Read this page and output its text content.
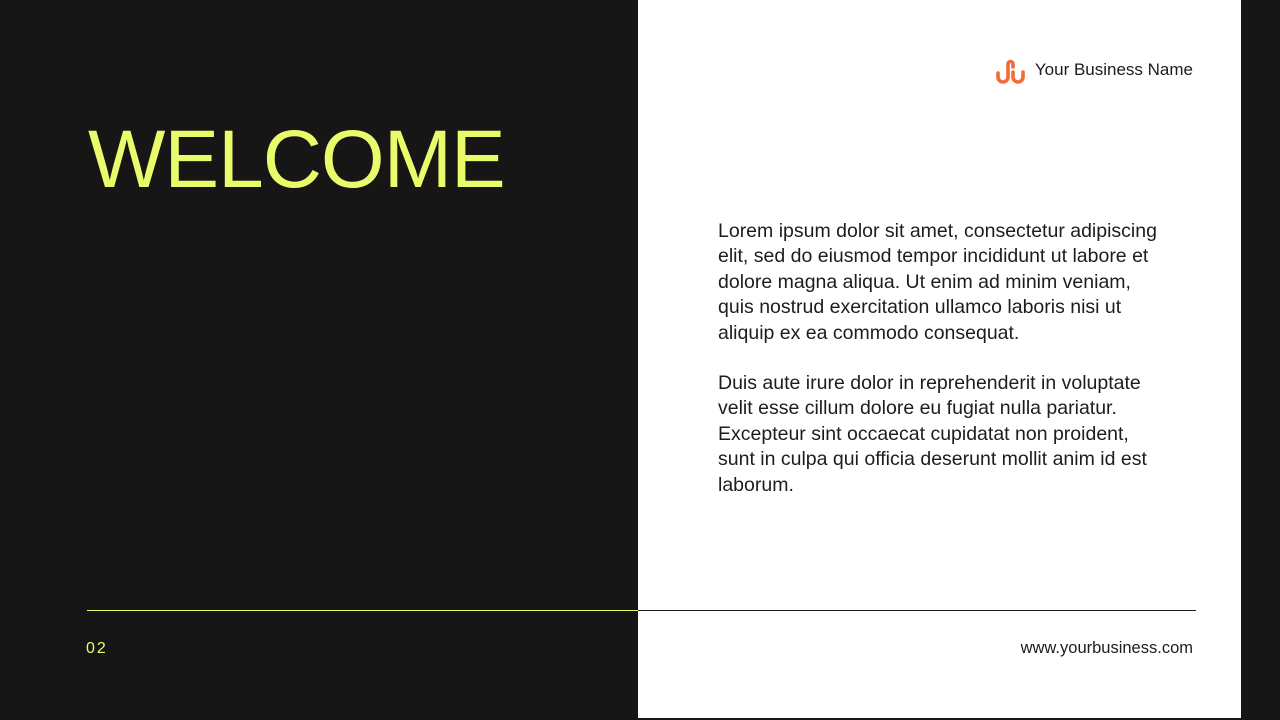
WELCOME
Your Business Name

Lorem ipsum dolor sit amet, consectetur adipiscing elit, sed do eiusmod tempor incididunt ut labore et dolore magna aliqua. Ut enim ad minim veniam, quis nostrud exercitation ullamco laboris nisi ut aliquip ex ea commodo consequat.

Duis aute irure dolor in reprehenderit in voluptate velit esse cillum dolore eu fugiat nulla pariatur. Excepteur sint occaecat cupidatat non proident, sunt in culpa qui officia deserunt mollit anim id est laborum.

02	www.yourbusiness.com
